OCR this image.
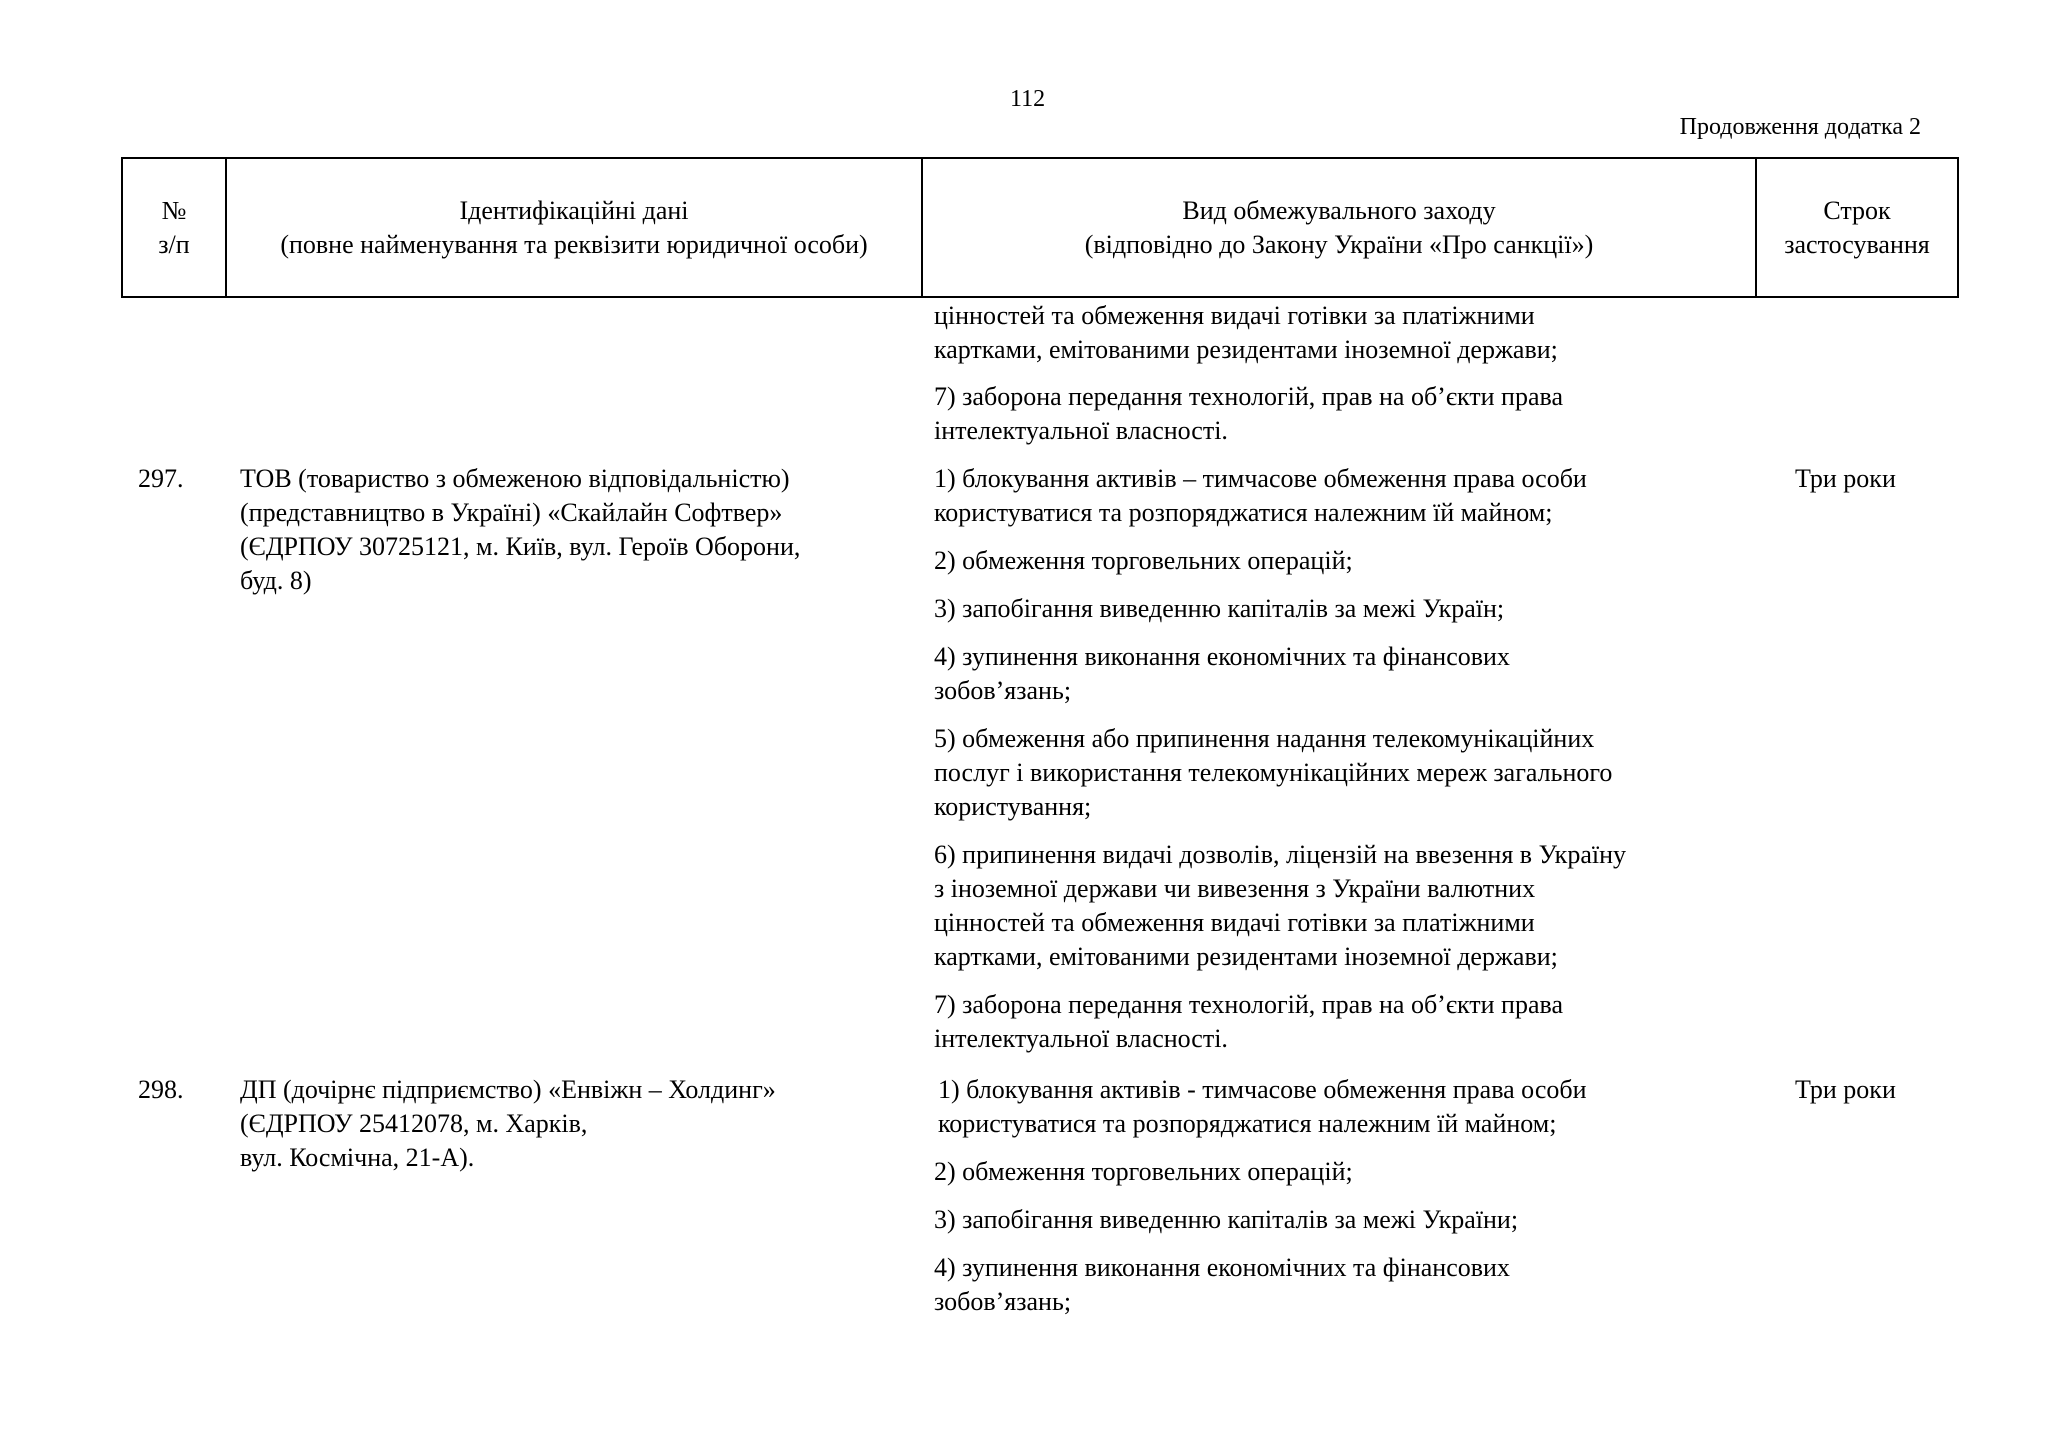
112
Продовження додатка 2
№
з/п
Ідентифікаційні дані
(повне найменування та реквізити юридичної особи)
Вид обмежувального заходу
(відповідно до Закону України «Про санкції»)
Строк
застосування
цінностей та обмеження видачі готівки за платіжними
картками, емітованими резидентами іноземної держави;
7) заборона передання технологій, прав на об’єкти права
інтелектуальної власності.
297. ТОВ (товариство з обмеженою відповідальністю)
(представництво в Україні) «Скайлайн Софтвер»
(ЄДРПОУ 30725121, м. Київ, вул. Героїв Оборони,
буд. 8)
Три роки
1) блокування активів – тимчасове обмеження права особи
користуватися та розпоряджатися належним їй майном;
2) обмеження торговельних операцій;
3) запобігання виведенню капіталів за межі Україн;
4) зупинення виконання економічних та фінансових
зобов’язань;
5) обмеження або припинення надання телекомунікаційних
послуг і використання телекомунікаційних мереж загального
користування;
6) припинення видачі дозволів, ліцензій на ввезення в Україну
з іноземної держави чи вивезення з України валютних
цінностей та обмеження видачі готівки за платіжними
картками, емітованими резидентами іноземної держави;
7) заборона передання технологій, прав на об’єкти права
інтелектуальної власності.
298. ДП (дочірнє підприємство) «Енвіжн – Холдинг»
(ЄДРПОУ 25412078, м. Харків,
вул. Космічна, 21-А).
Три роки
1) блокування активів - тимчасове обмеження права особи
користуватися та розпоряджатися належним їй майном;
2) обмеження торговельних операцій;
3) запобігання виведенню капіталів за межі України;
4) зупинення виконання економічних та фінансових
зобов’язань;
